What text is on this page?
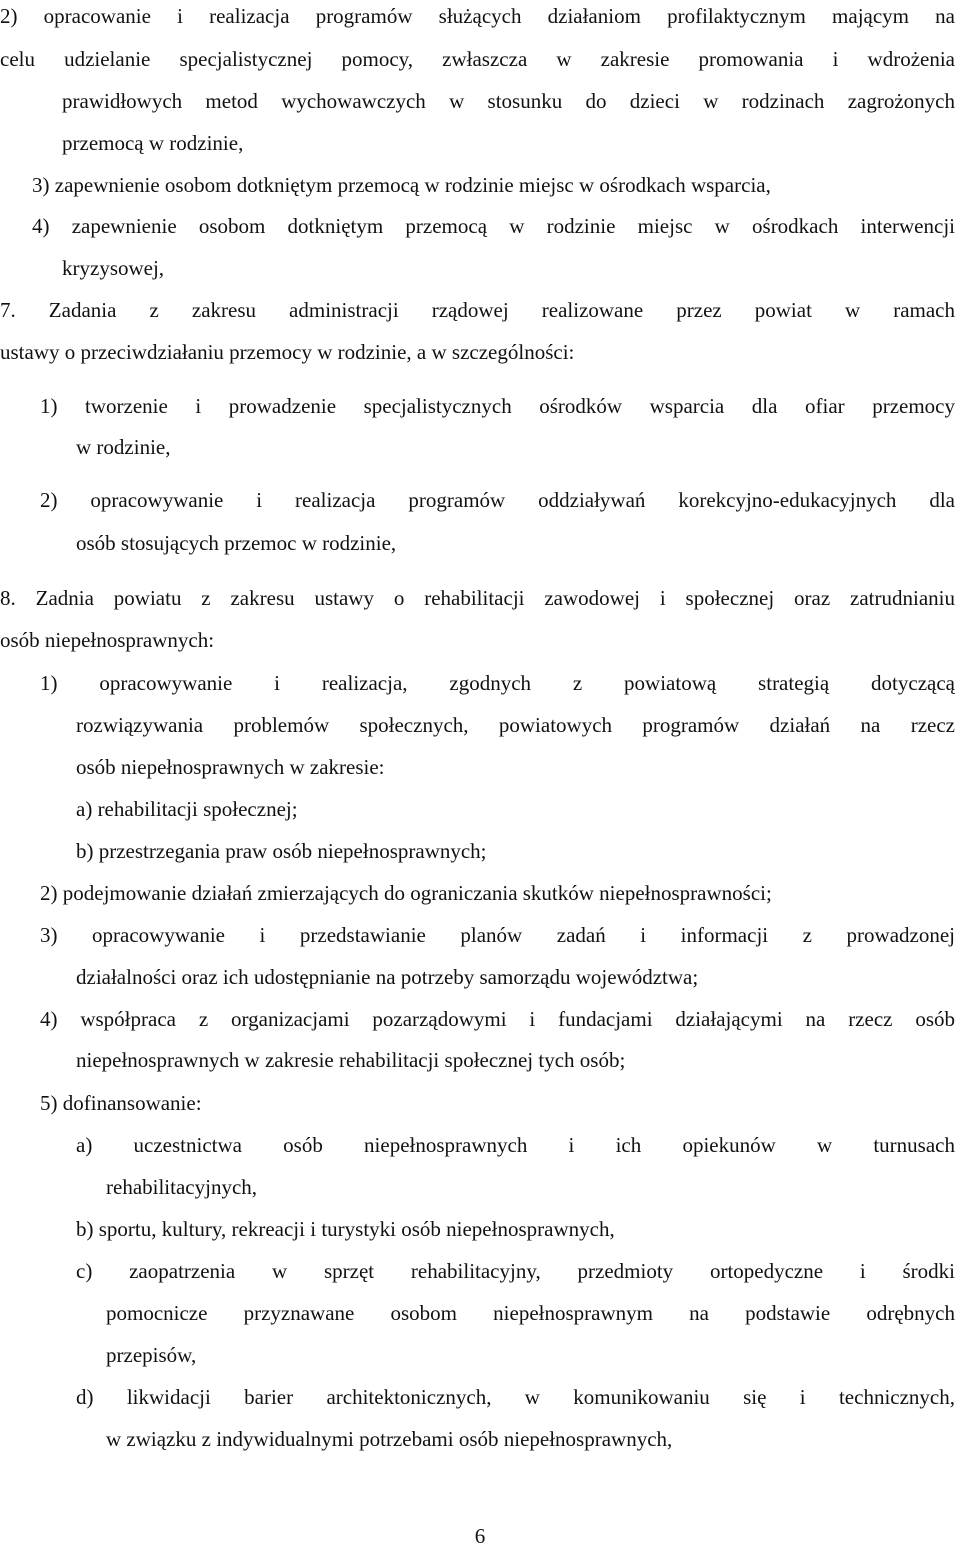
2) opracowanie i realizacja programów służących działaniom profilaktycznym mającym na
celu udzielanie specjalistycznej pomocy, zwłaszcza w zakresie promowania i wdrożenia
prawidłowych metod wychowawczych w stosunku do dzieci w rodzinach zagrożonych
przemocą w rodzinie,
3) zapewnienie osobom dotkniętym przemocą w rodzinie miejsc w ośrodkach wsparcia,
4) zapewnienie osobom dotkniętym przemocą w rodzinie miejsc w ośrodkach interwencji
kryzysowej,
7. Zadania z zakresu administracji rządowej realizowane przez powiat w ramach
ustawy o przeciwdziałaniu przemocy w rodzinie, a w szczególności:
1) tworzenie i prowadzenie specjalistycznych ośrodków wsparcia dla ofiar przemocy
w rodzinie,
2) opracowywanie i realizacja programów oddziaływań korekcyjno-edukacyjnych dla
osób stosujących przemoc w rodzinie,
8. Zadnia powiatu z zakresu ustawy o rehabilitacji zawodowej i społecznej oraz zatrudnianiu
osób niepełnosprawnych:
1) opracowywanie i realizacja, zgodnych z powiatową strategią dotyczącą
rozwiązywania problemów społecznych, powiatowych programów działań na rzecz
osób niepełnosprawnych w zakresie:
a) rehabilitacji społecznej;
b) przestrzegania praw osób niepełnosprawnych;
2) podejmowanie działań zmierzających do ograniczania skutków niepełnosprawności;
3) opracowywanie i przedstawianie planów zadań i informacji z prowadzonej
działalności oraz ich udostępnianie na potrzeby samorządu województwa;
4) współpraca z organizacjami pozarządowymi i fundacjami działającymi na rzecz osób
niepełnosprawnych w zakresie rehabilitacji społecznej tych osób;
5) dofinansowanie:
a) uczestnictwa osób niepełnosprawnych i ich opiekunów w turnusach
rehabilitacyjnych,
b) sportu, kultury, rekreacji i turystyki osób niepełnosprawnych,
c) zaopatrzenia w sprzęt rehabilitacyjny, przedmioty ortopedyczne i środki
pomocnicze przyznawane osobom niepełnosprawnym na podstawie odrębnych
przepisów,
d) likwidacji barier architektonicznych, w komunikowaniu się i technicznych,
w związku z indywidualnymi potrzebami osób niepełnosprawnych,
6
